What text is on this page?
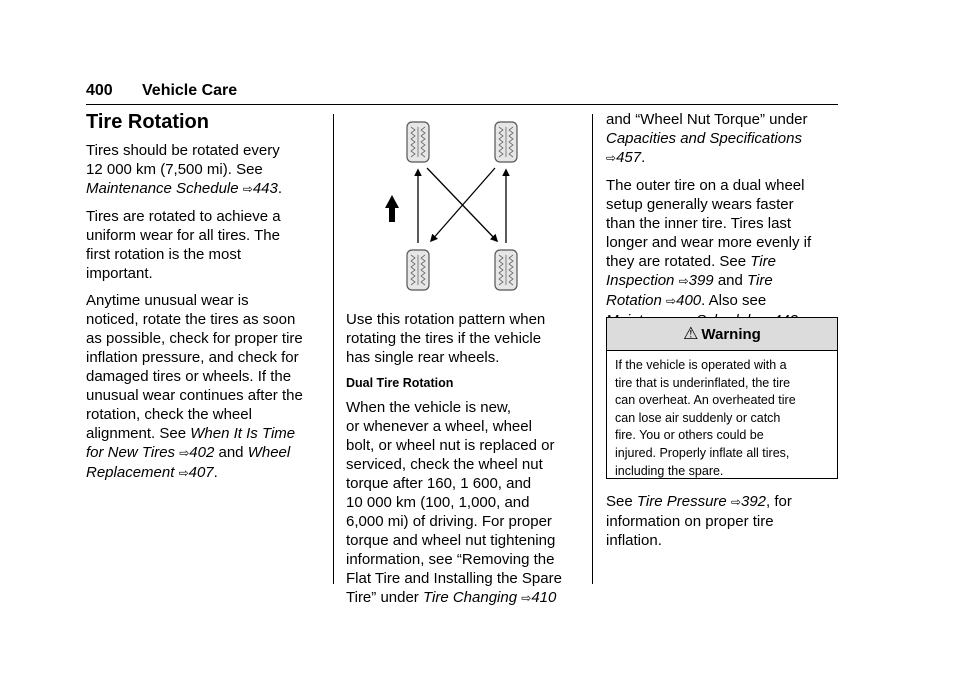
400 Vehicle Care
Tire Rotation

Tires should be rotated every
12 000 km (7,500 mi). See
Maintenance Schedule ⇨443.

Tires are rotated to achieve a
uniform wear for all tires. The
first rotation is the most
important.

Anytime unusual wear is
noticed, rotate the tires as soon
as possible, check for proper tire
inflation pressure, and check for
damaged tires or wheels. If the
unusual wear continues after the
rotation, check the wheel
alignment. See When It Is Time
for New Tires ⇨402 and Wheel
Replacement ⇨407.

Use this rotation pattern when
rotating the tires if the vehicle
has single rear wheels.

Dual Tire Rotation

When the vehicle is new,
or whenever a wheel, wheel
bolt, or wheel nut is replaced or
serviced, check the wheel nut
torque after 160, 1 600, and
10 000 km (100, 1,000, and
6,000 mi) of driving. For proper
torque and wheel nut tightening
information, see “Removing the
Flat Tire and Installing the Spare
Tire” under Tire Changing ⇨410

and “Wheel Nut Torque” under
Capacities and Specifications
⇨457.

The outer tire on a dual wheel
setup generally wears faster
than the inner tire. Tires last
longer and wear more evenly if
they are rotated. See Tire
Inspection ⇨399 and Tire
Rotation ⇨400. Also see

⚠ Warning
If the vehicle is operated with a
tire that is underinflated, the tire
can overheat. An overheated tire
can lose air suddenly or catch
fire. You or others could be
injured. Properly inflate all tires,
including the spare.
See Tire Pressure ⇨392, for
information on proper tire
inflation.
